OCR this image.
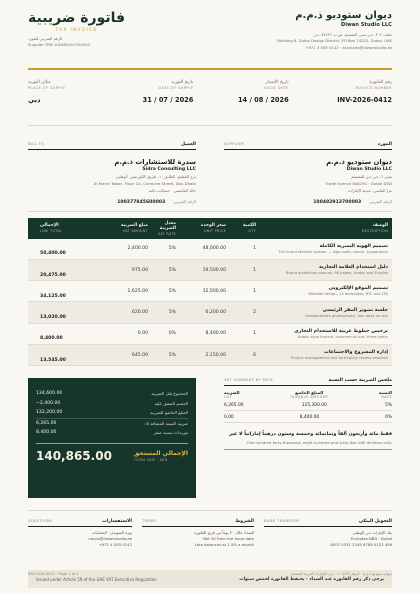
ديوان ستوديو ذ.م.م
Diwan Studio LLC
مكتب ٣٠٢، دبي مبنى التصميم، ص.ب ٧٤٢٢٢، دبي
Building 6, Dubai Design District, PO Box 74222, Dubai, UAE
+971 4 555 0142 · accounts@diwanstudio.ae
فاتورة ضريبية
TAX INVOICE
الرقم الضريبي للمورد
Supplier TRN 100482913700003
رقم الفاتورة
INVOICE NUMBER
INV-2026-0412
تاريخ الإصدار
ISSUE DATE
14 / 08 / 2026
تاريخ التوريد
DATE OF SUPPLY
31 / 07 / 2026
مكان التوريد
PLACE OF SUPPLY
دبي
المورد
SUPPLIER
ديوان ستوديو ذ.م.م
Diwan Studio LLC
مبنى ٦، حي دبي للتصميم
Trade licence 846291 · Dubai DED
مرا الماسي، مدينة الإمارات
الرقم الضريبي
100482913700003
العميل
BILL TO
سدرة للاستشارات ذ.م.م
Sidra Consulting LLC
برج الفطيم، الطابق ١٠، طريق الكورنيش، أبوظبي
Al Marfa Tower, Floor 10, Corniche Street, Abu Dhabi
خالد القاسمي · حسابات دائنة
الرقم الضريبي
100377845600003
الوصف
DESCRIPTION
الكمية
QTY
سعر الوحدة
UNIT PRICE
معدل الضريبة
VAT RATE
مبلغ الضريبة
VAT AMOUNT
الإجمالي
LINE TOTAL
تصميم الهوية البصرية الكاملة
Full brand identity system — logo suite, colour, typography
1
48,000.00
5%
2,400.00
50,400.00
دليل استخدام العلامة التجارية
Brand guidelines manual, 96 pages, Arabic and English
1
19,500.00
5%
975.00
20,475.00
تصميم الموقع الإلكتروني
Website design, 14 templates, RTL and LTR
1
32,500.00
5%
1,625.00
34,125.00
جلسة تصوير المقر الرئيسي
Headquarters photography, two days on site
2
6,200.00
5%
620.00
13,020.00
ترخيص خطوط عربية للاستخدام التجاري
Arabic type licence, commercial use, three years
1
8,400.00
0%
0.00
8,400.00
إدارة المشروع والاجتماعات
Project management and fortnightly review sessions
6
2,150.00
5%
645.00
13,545.00
ملخص الضريبة حسب النسبة
VAT SUMMARY BY RATE
النسبة
RATE
المبلغ الخاضع
TAXABLE AMOUNT
الضريبة
VAT
5%
125,300.00
6,265.00
0%
8,400.00
0.00
فقط مائة وأربعون ألفاً وثمانمائة وخمسة وستون درهماً إماراتياً لا غير
One hundred forty thousand, eight hundred and sixty-five UAE dirhams only.
المجموع قبل الضريبة
134,600.00
الخصم المتفق عليه
−2,400.00
المبلغ الخاضع للضريبة
132,200.00
ضريبة القيمة المضافة ٥٪
6,265.00
توريدات بنسبة صفر
8,400.00
الإجمالي المستحق
TOTAL DUE · AED
140,865.00
التحويل البنكي
BANK TRANSFER
بنك الإمارات دبي الوطني
Emirates NBD · Dubai
AE07 0331 2345 6789 0123 456
الشروط
TERMS
السداد خلال ٣٠ يوماً من تاريخ الفاتورة
Net 30 from the issue date
Late balances at 1.5% a month
الاستفسارات
QUESTIONS
نورة السويدي · الحسابات
noura@diwanstudio.ae
+971 4 555 0142
يرجى ذكر رقم الفاتورة عند السداد · نحتفظ الفاتورة لخمس سنوات
Issued under Article 59 of the UAE VAT Executive Regulation
ديوان ستوديو ذ.م.م · الرقم ١٠٠٤٨٢٩ · بنى الإمارات العربية المتحدة
INV-2026-0412 · Page 1 of 1
